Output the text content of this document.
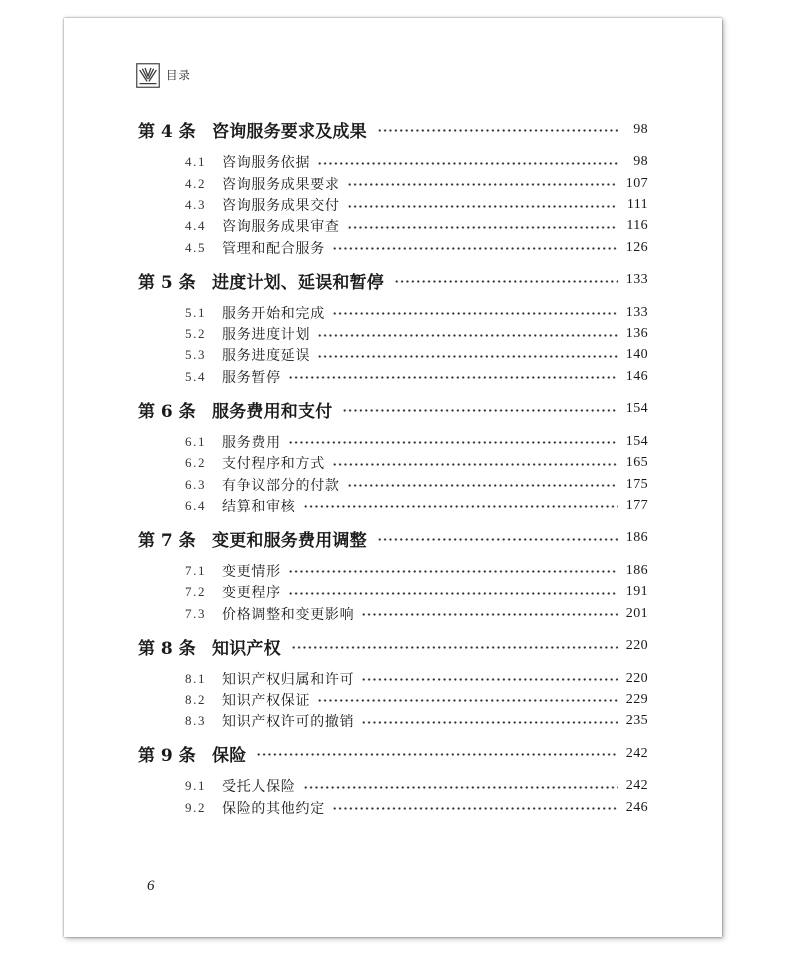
目录
第 4 条 咨询服务要求及成果	98
4.1	咨询服务依据	98
4.2	咨询服务成果要求	107
4.3	咨询服务成果交付	111
4.4	咨询服务成果审查	116
4.5	管理和配合服务	126
第 5 条 进度计划、延误和暂停	133
5.1	服务开始和完成	133
5.2	服务进度计划	136
5.3	服务进度延误	140
5.4	服务暂停	146
第 6 条 服务费用和支付	154
6.1	服务费用	154
6.2	支付程序和方式	165
6.3	有争议部分的付款	175
6.4	结算和审核	177
第 7 条 变更和服务费用调整	186
7.1	变更情形	186
7.2	变更程序	191
7.3	价格调整和变更影响	201
第 8 条 知识产权	220
8.1	知识产权归属和许可	220
8.2	知识产权保证	229
8.3	知识产权许可的撤销	235
第 9 条 保险	242
9.1	受托人保险	242
9.2	保险的其他约定	246
6
